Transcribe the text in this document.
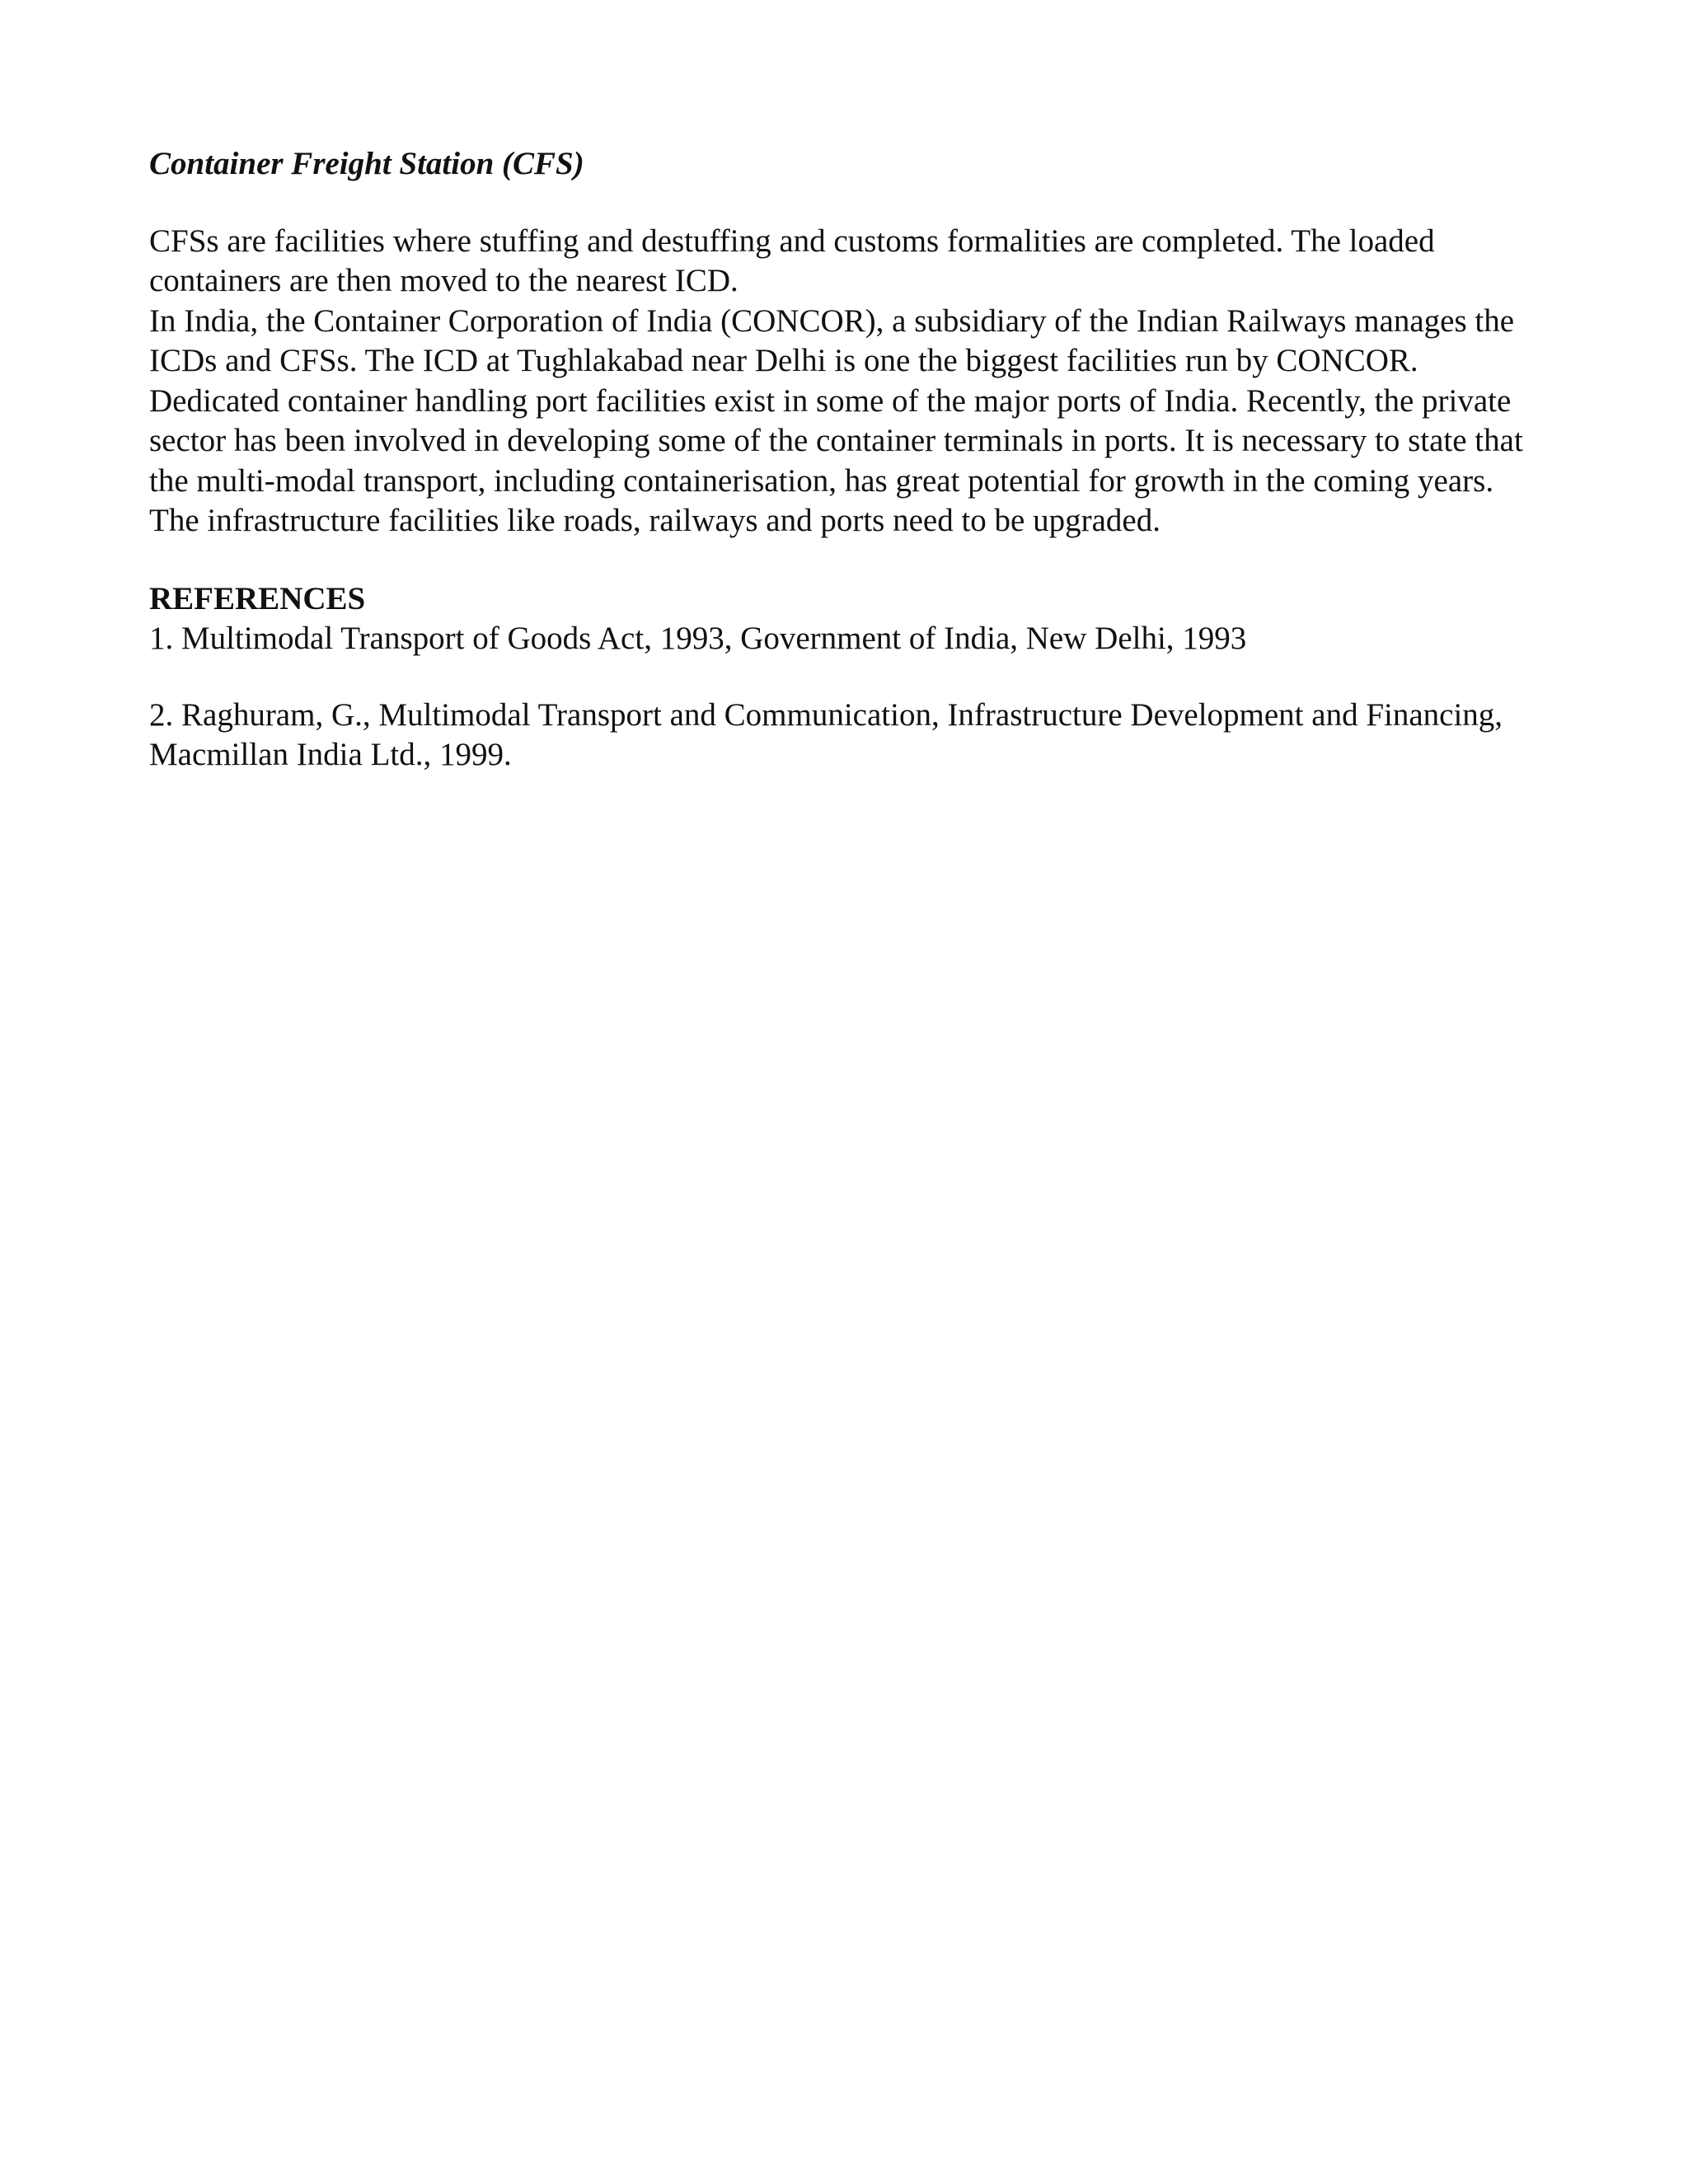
Container Freight Station (CFS)

CFSs are facilities where stuffing and destuffing and customs formalities are completed. The loaded containers are then moved to the nearest ICD.

In India, the Container Corporation of India (CONCOR), a subsidiary of the Indian Railways manages the ICDs and CFSs. The ICD at Tughlakabad near Delhi is one the biggest facilities run by CONCOR. Dedicated container handling port facilities exist in some of the major ports of India. Recently, the private sector has been involved in developing some of the container terminals in ports. It is necessary to state that the multi-modal transport, including containerisation, has great potential for growth in the coming years. The infrastructure facilities like roads, railways and ports need to be upgraded.

REFERENCES

1. Multimodal Transport of Goods Act, 1993, Government of India, New Delhi, 1993

2. Raghuram, G., Multimodal Transport and Communication, Infrastructure Development and Financing, Macmillan India Ltd., 1999.
